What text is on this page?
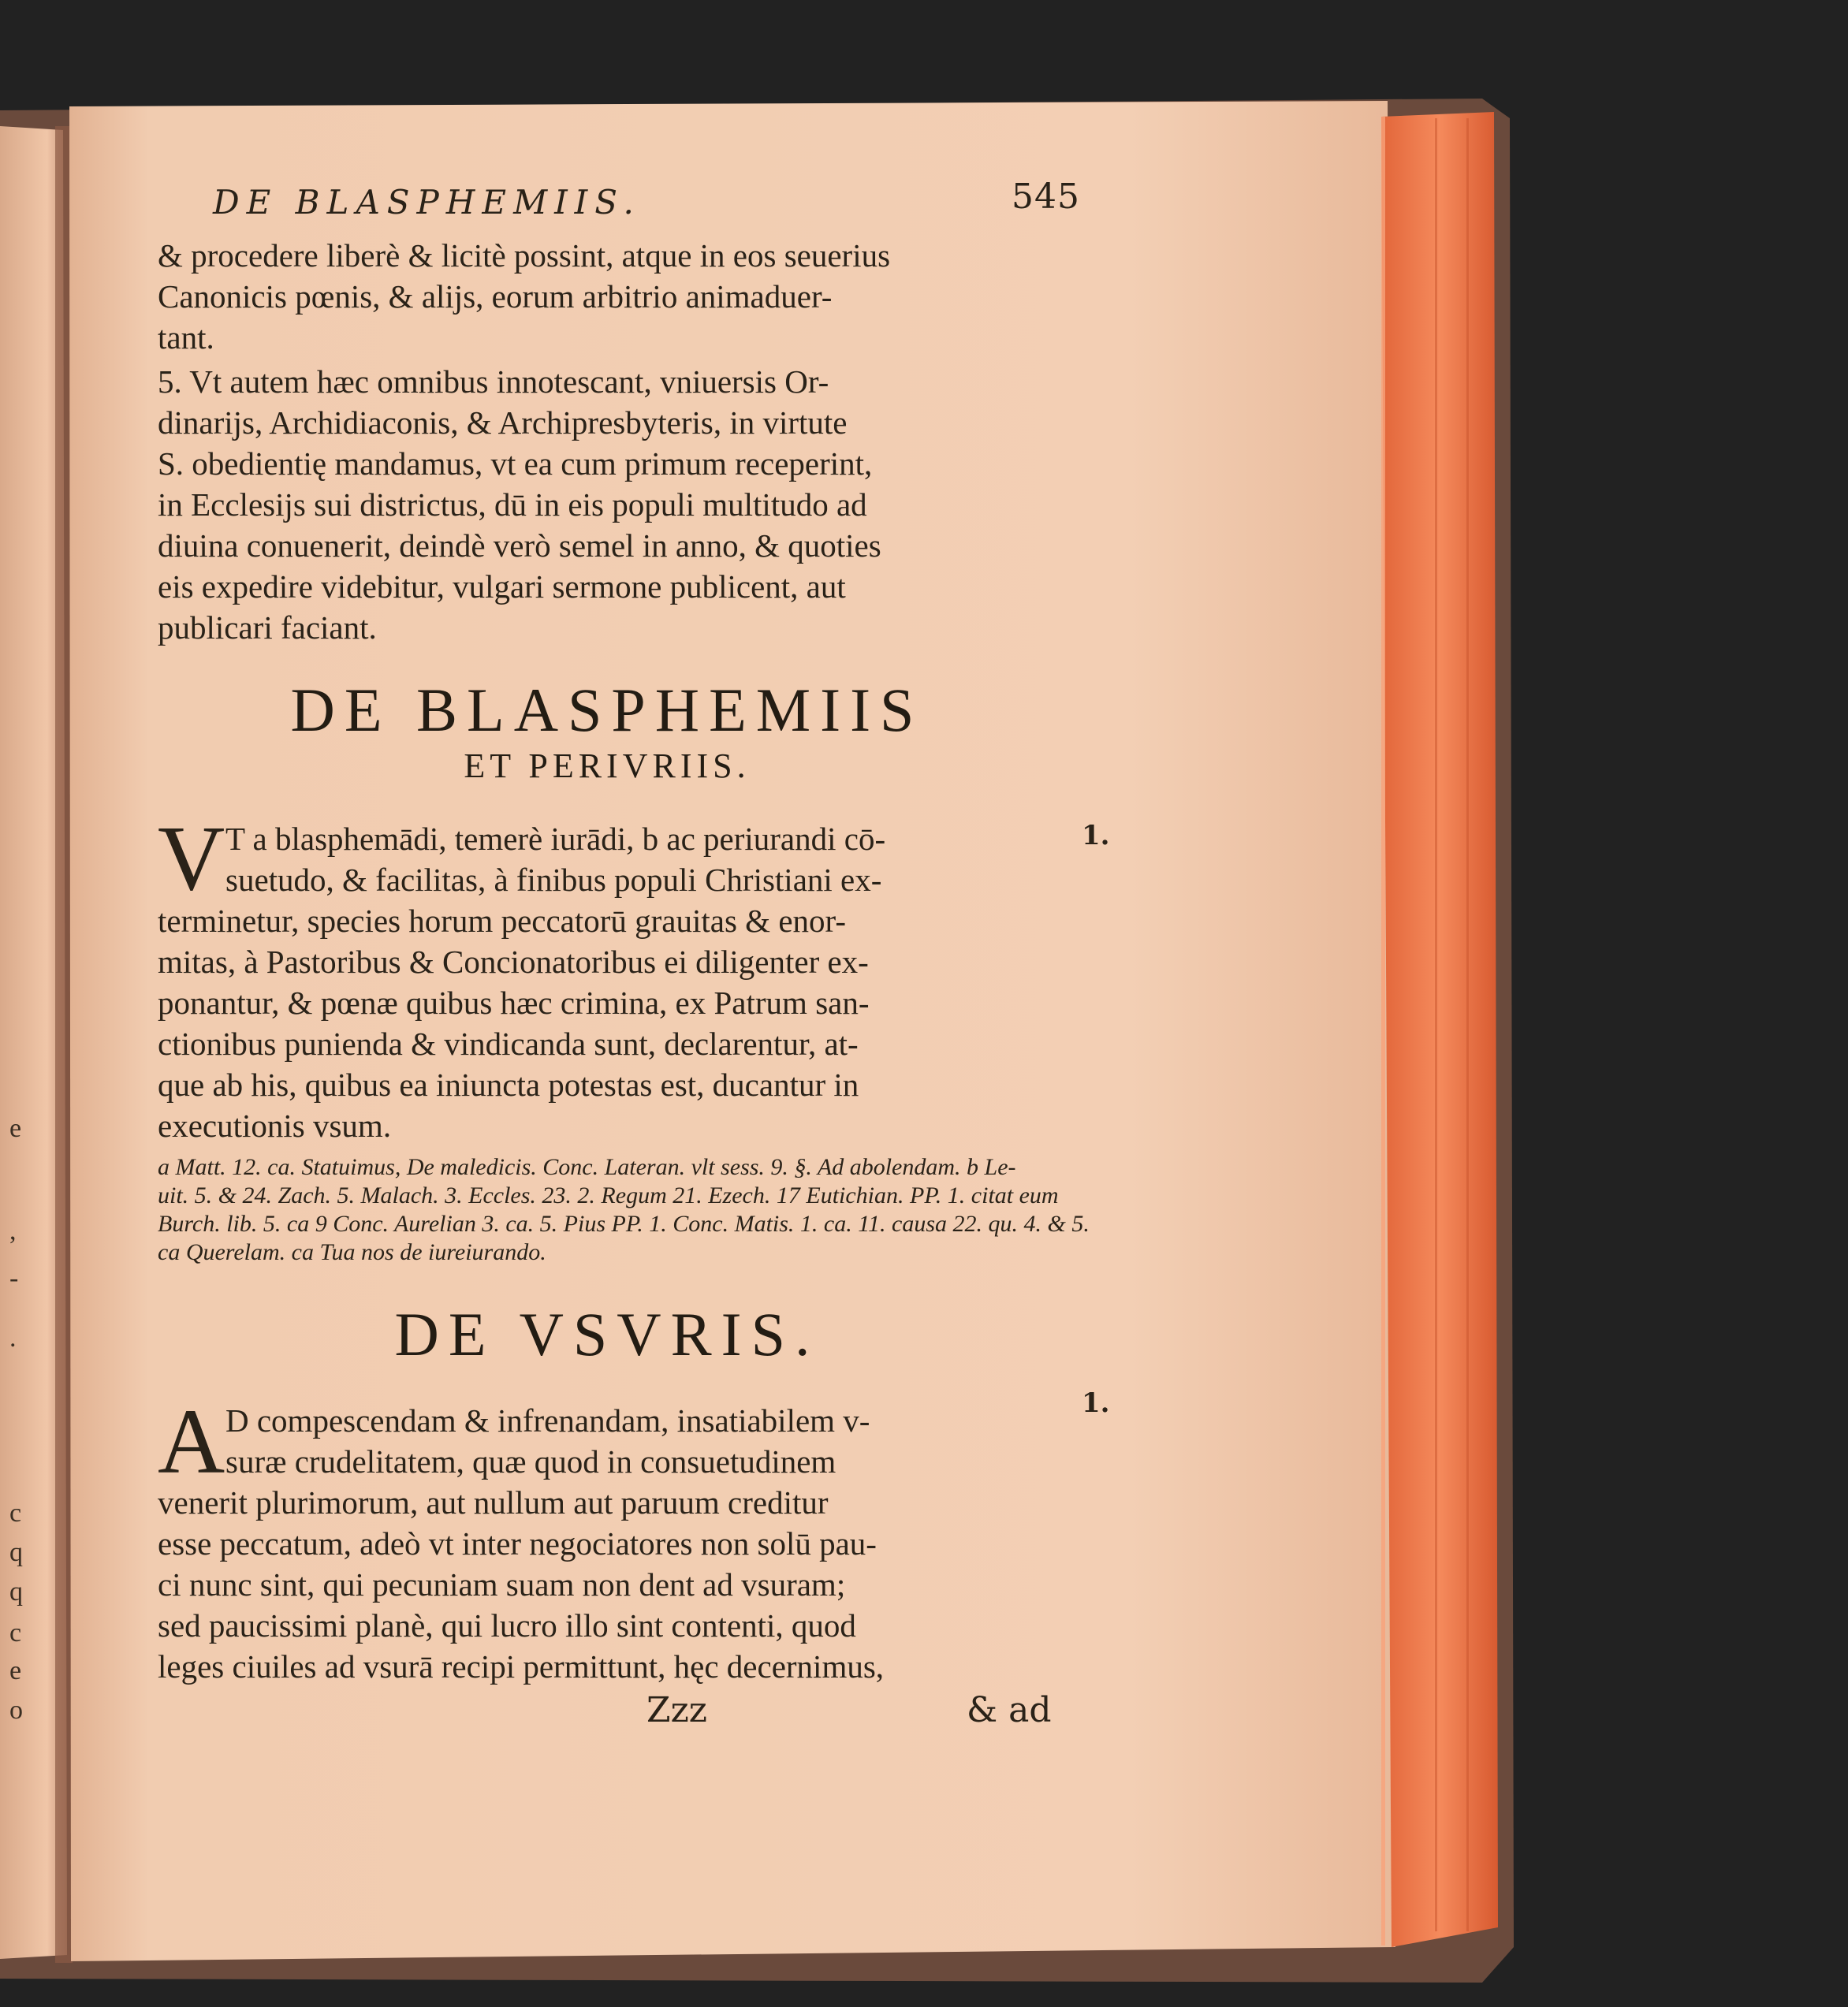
e
,
-
.
c
q
q
c
e
o
DE BLASPHEMIIS.	545
& procedere liberè & licitè possint, atque in eos seuerius
Canonicis pœnis, & alijs, eorum arbitrio animaduer-
tant.
5. Vt autem hæc omnibus innotescant, vniuersis Or-
dinarijs, Archidiaconis, & Archipresbyteris, in virtute
S. obedientię mandamus, vt ea cum primum receperint,
in Ecclesijs sui districtus, dū in eis populi multitudo ad
diuina conuenerit, deindè verò semel in anno, & quoties
eis expedire videbitur, vulgari sermone publicent, aut
publicari faciant.
DE BLASPHEMIIS
ET PERIVRIIS.
V T a blasphemādi, temerè iurādi, b ac periurandi cō-
suetudo, & facilitas, à finibus populi Christiani ex-
terminetur, species horum peccatorū grauitas & enor-
mitas, à Pastoribus & Concionatoribus ei diligenter ex-
ponantur, & pœnæ quibus hæc crimina, ex Patrum san-
ctionibus punienda & vindicanda sunt, declarentur, at-
que ab his, quibus ea iniuncta potestas est, ducantur in
executionis vsum.
a Matt. 12. ca. Statuimus, De maledicis. Conc. Lateran. vlt sess. 9. §. Ad abolendam. b Le-
uit. 5. & 24. Zach. 5. Malach. 3. Eccles. 23. 2. Regum 21. Ezech. 17 Eutichian. PP. 1. citat eum
Burch. lib. 5. ca 9 Conc. Aurelian 3. ca. 5. Pius PP. 1. Conc. Matis. 1. ca. 11. causa 22. qu. 4. & 5.
ca Querelam. ca Tua nos de iureiurando.
DE VSVRIS.
A D compescendam & infrenandam, insatiabilem v-
suræ crudelitatem, quæ quod in consuetudinem
venerit plurimorum, aut nullum aut paruum creditur
esse peccatum, adeò vt inter negociatores non solū pau-
ci nunc sint, qui pecuniam suam non dent ad vsuram;
sed paucissimi planè, qui lucro illo sint contenti, quod
leges ciuiles ad vsurā recipi permittunt, hęc decernimus,
1.
1.
Zzz	& ad
